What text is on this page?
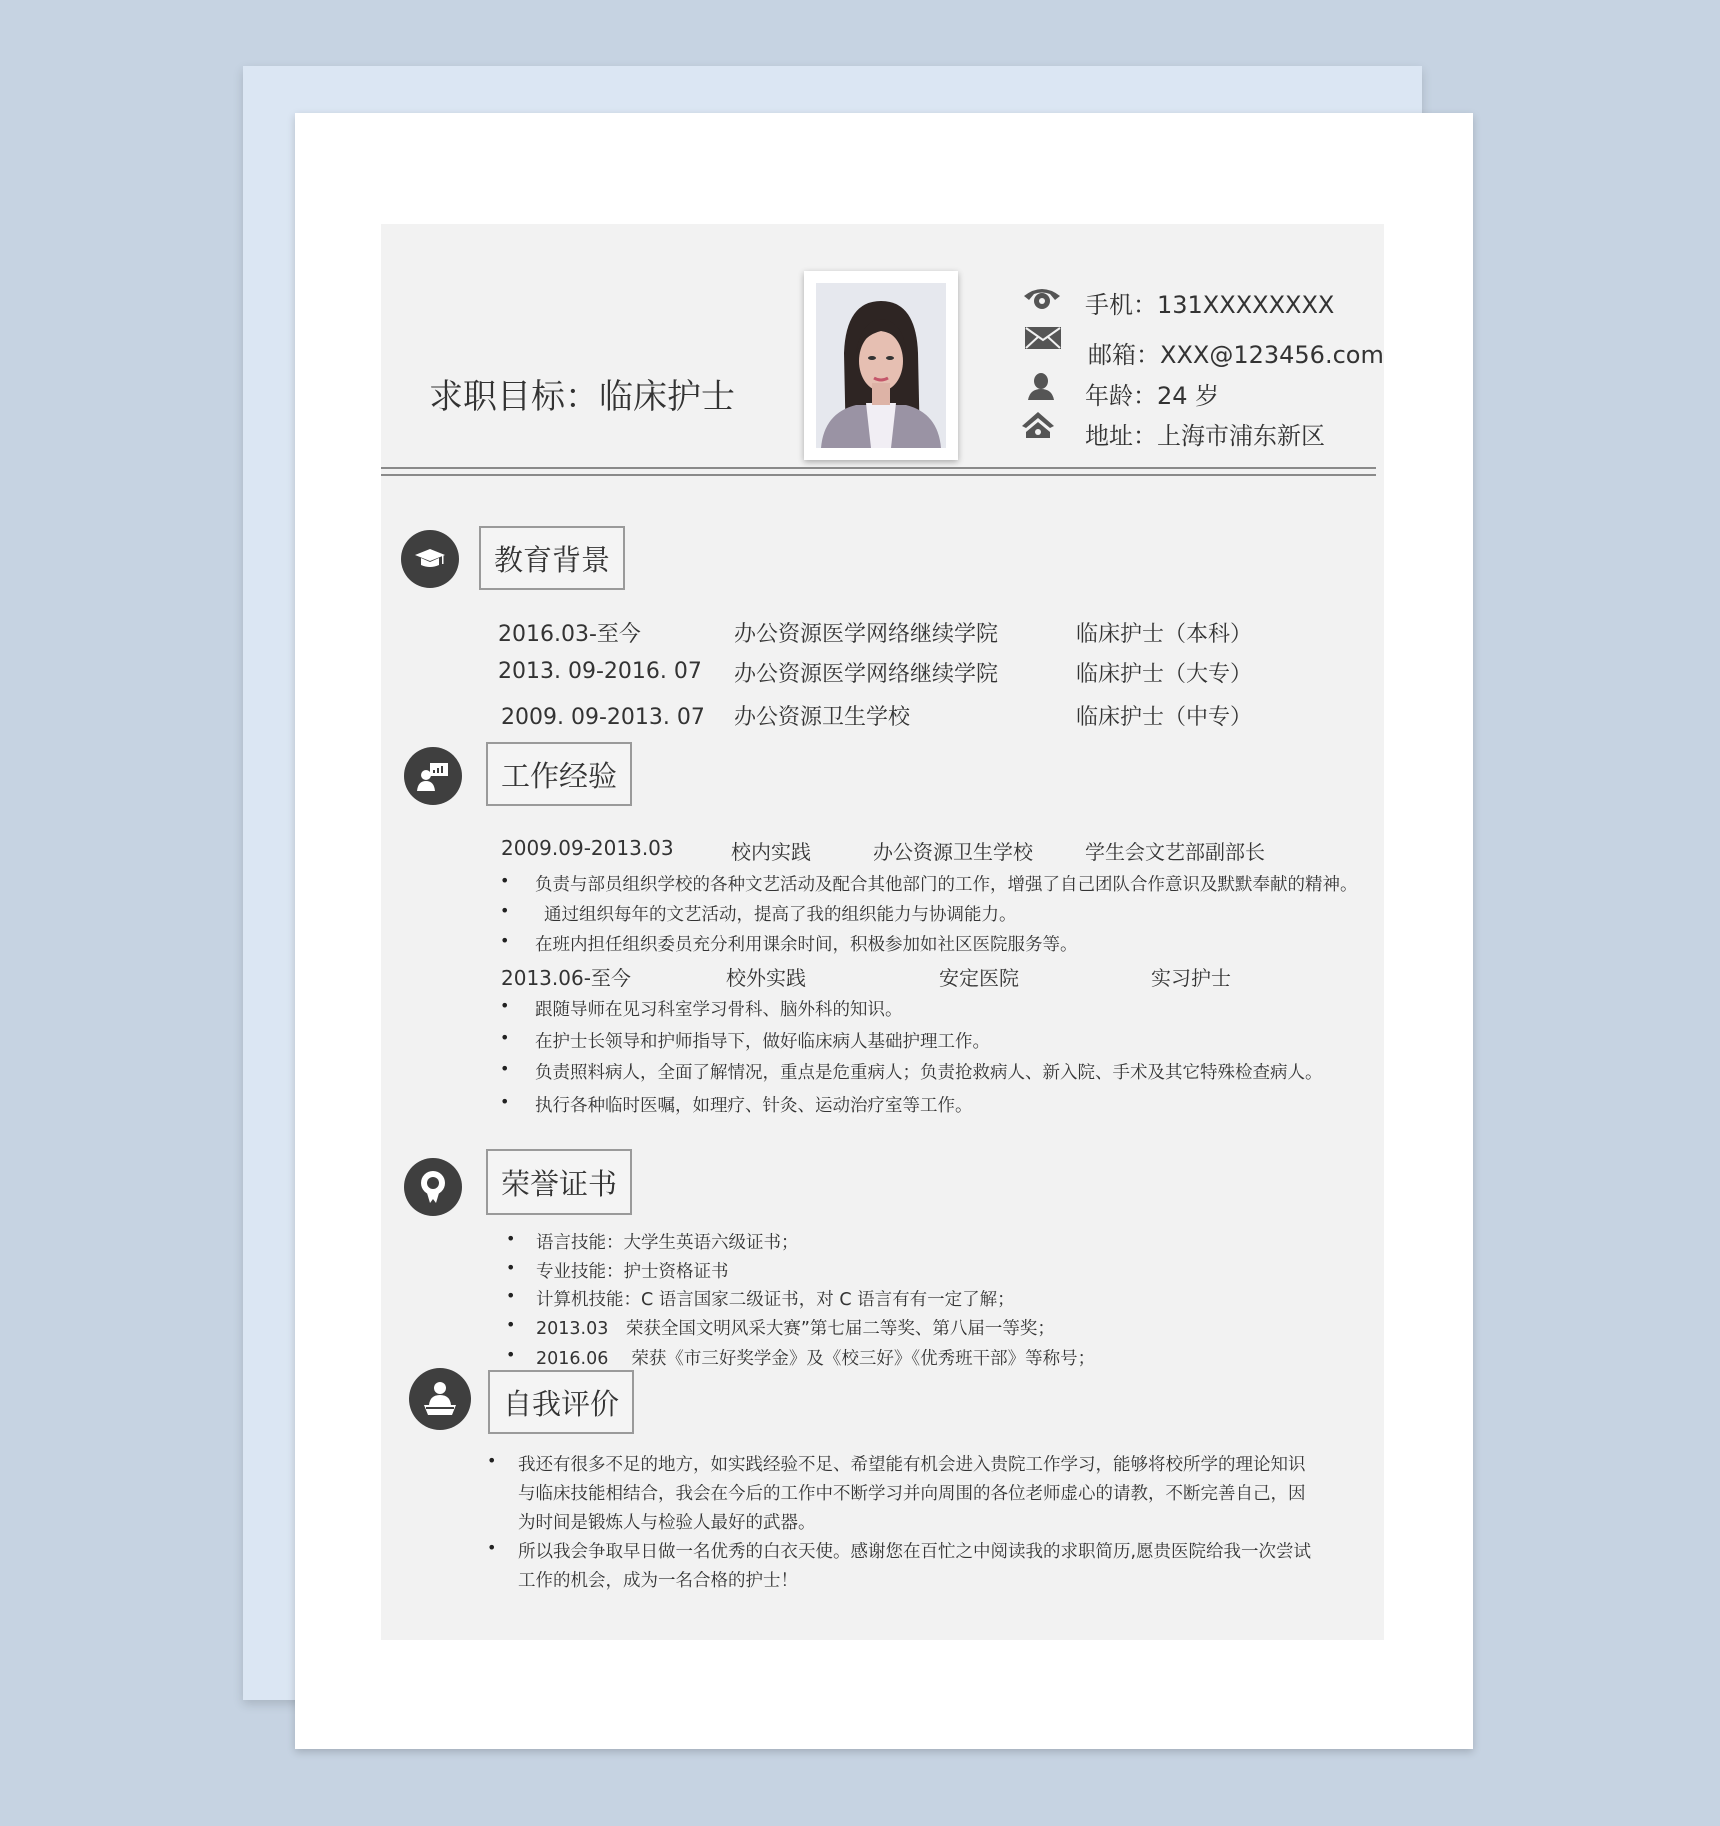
求职目标：临床护士
手机：131XXXXXXXX
邮箱：XXX@123456.com
年龄：24 岁
地址：上海市浦东新区
教育背景
2016.03-至今	办公资源医学网络继续学院	临床护士（本科）
2013. 09-2016. 07 办公资源医学网络继续学院	临床护士（大专）
2009. 09-2013. 07 办公资源卫生学校	临床护士（中专）
工作经验
2009.09-2013.03	校内实践	办公资源卫生学校	学生会文艺部副部长
• 负责与部员组织学校的各种文艺活动及配合其他部门的工作，增强了自己团队合作意识及默默奉献的精神。
• 通过组织每年的文艺活动，提高了我的组织能力与协调能力。
• 在班内担任组织委员充分利用课余时间，积极参加如社区医院服务等。
2013.06-至今	校外实践	安定医院	实习护士
• 跟随导师在见习科室学习骨科、脑外科的知识。
• 在护士长领导和护师指导下，做好临床病人基础护理工作。
• 负责照料病人，全面了解情况，重点是危重病人；负责抢救病人、新入院、手术及其它特殊检查病人。
• 执行各种临时医嘱，如理疗、针灸、运动治疗室等工作。
荣誉证书
• 语言技能：大学生英语六级证书；
• 专业技能：护士资格证书
• 计算机技能：C 语言国家二级证书，对 C 语言有有一定了解；
• 2013.03　荣获全国文明风采大赛”第七届二等奖、第八届一等奖；
• 2016.06　 荣获《市三好奖学金》及《校三好》《优秀班干部》等称号；
自我评价
• 我还有很多不足的地方，如实践经验不足、希望能有机会进入贵院工作学习，能够将校所学的理论知识与临床技能相结合，我会在今后的工作中不断学习并向周围的各位老师虚心的请教，不断完善自己，因为时间是锻炼人与检验人最好的武器。
• 所以我会争取早日做一名优秀的白衣天使。感谢您在百忙之中阅读我的求职简历,愿贵医院给我一次尝试工作的机会，成为一名合格的护士！
